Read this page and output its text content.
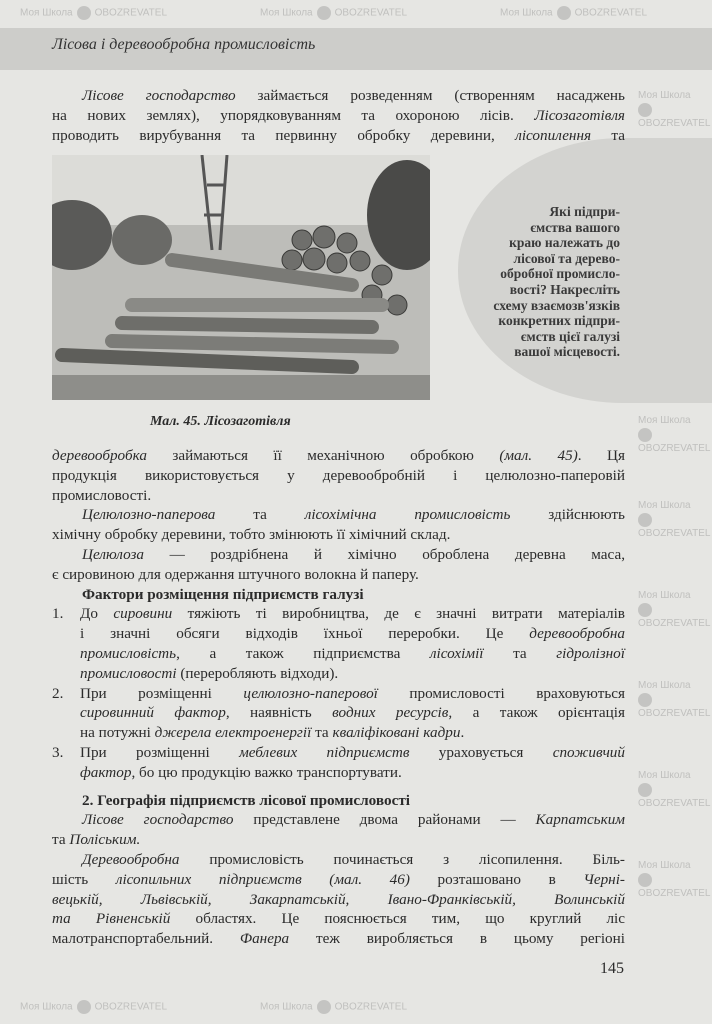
Лісова і деревообробна промисловість
Які підпри-
ємства вашого
краю належать до
лісової та дерево-
обробної промисло-
вості? Накресліть
схему взаємозв'язків
конкретних підпри-
ємств цієї галузі
вашої місцевості.
Мал. 45. Лісозаготівля
Лісове господарство займається розведенням (створенням насаджень
на нових землях), упорядковуванням та охороною лісів. Лісозаготівля
проводить вирубування та первинну обробку деревини, лісопилення та
деревообробка займаються її механічною обробкою (мал. 45). Ця
продукція використовується у деревообробній і целюлозно-паперовій
промисловості.
Целюлозно-паперова та лісохімічна промисловість здійснюють
хімічну обробку деревини, тобто змінюють її хімічний склад.
Целюлоза — роздрібнена й хімічно оброблена деревна маса,
є сировиною для одержання штучного волокна й паперу.
Фактори розміщення підприємств галузі
1. До сировини тяжіють ті виробництва, де є значні витрати матеріалів
і значні обсяги відходів їхньої переробки. Це деревообробна
промисловість, а також підприємства лісохімії та гідролізної
промисловості (переробляють відходи).
2. При розміщенні целюлозно-паперової промисловості враховуються
сировинний фактор, наявність водних ресурсів, а також орієнтація
на потужні джерела електроенергії та кваліфіковані кадри.
3. При розміщенні меблевих підприємств ураховується споживчий
фактор, бо цю продукцію важко транспортувати.
2. Географія підприємств лісової промисловості
Лісове господарство представлене двома районами — Карпатським
та Поліським.
Деревообробна промисловість починається з лісопилення. Біль-
шість лісопильних підприємств (мал. 46) розташовано в Черні-
вецькій, Львівській, Закарпатській, Івано-Франківській, Волинській
та Рівненській областях. Це пояснюється тим, що круглий ліс
малотранспортабельний. Фанера теж виробляється в цьому регіоні
145
Моя Школа OBOZREVATEL	Моя Школа OBOZREVATEL	Моя Школа OBOZREVATEL
Моя Школа OBOZREVATEL	Моя Школа OBOZREVATEL
Моя Школа
OBOZREVATEL
Моя Школа
OBOZREVATEL
Моя Школа
OBOZREVATEL
Моя Школа
OBOZREVATEL
Моя Школа
OBOZREVATEL
Моя Школа
OBOZREVATEL
Моя Школа
OBOZREVATEL
